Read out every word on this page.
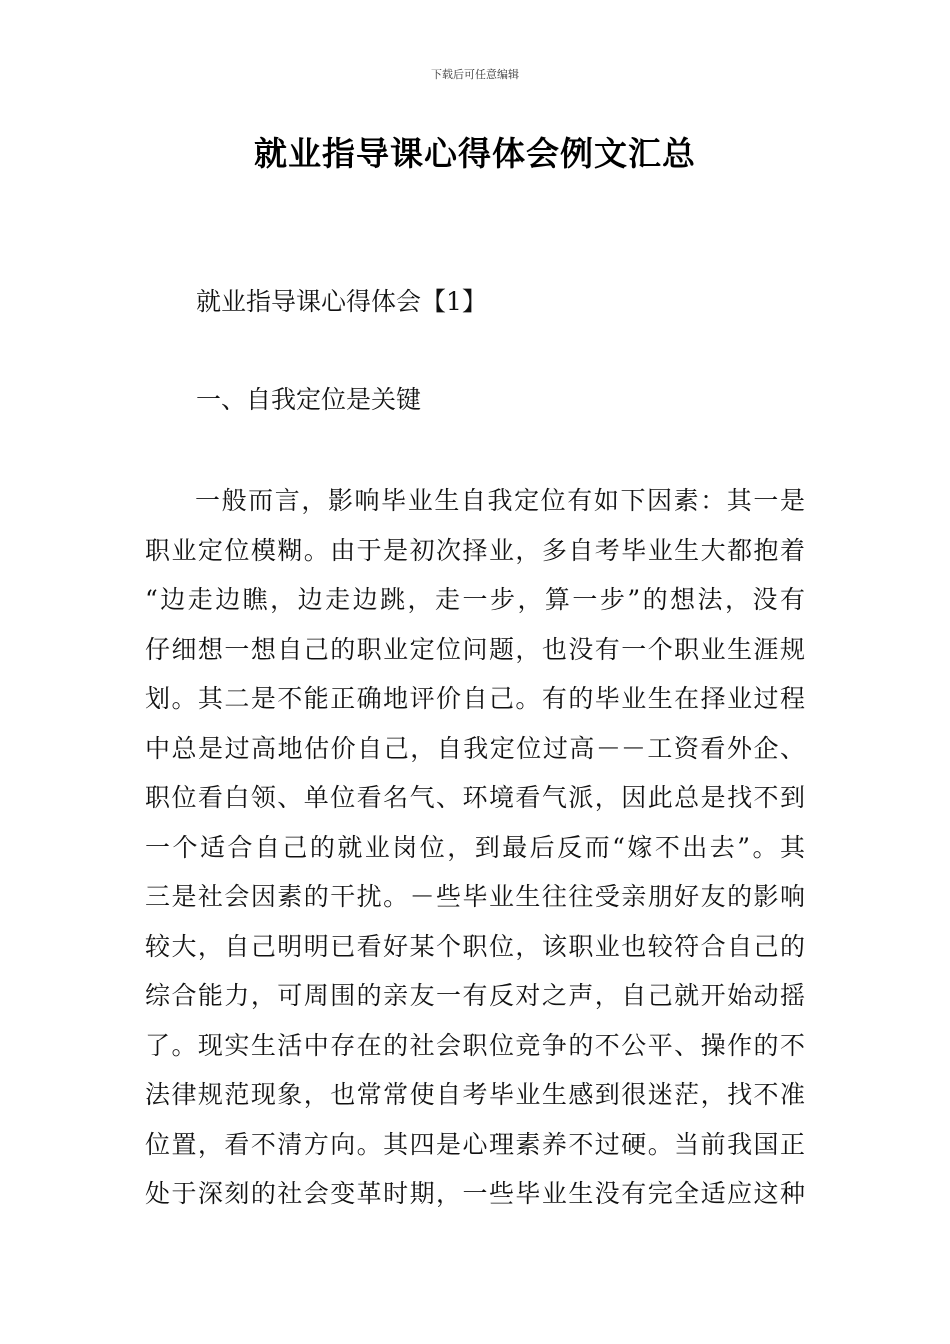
下载后可任意编辑
就业指导课心得体会例文汇总
就业指导课心得体会【1】
一、自我定位是关键
一般而言，影响毕业生自我定位有如下因素：其一是
职业定位模糊。由于是初次择业，多自考毕业生大都抱着
“边走边瞧，边走边跳，走一步，算一步”的想法，没有
仔细想一想自己的职业定位问题，也没有一个职业生涯规
划。其二是不能正确地评价自己。有的毕业生在择业过程
中总是过高地估价自己，自我定位过高－－工资看外企、
职位看白领、单位看名气、环境看气派，因此总是找不到
一个适合自己的就业岗位，到最后反而“嫁不出去”。其
三是社会因素的干扰。－些毕业生往往受亲朋好友的影响
较大，自己明明已看好某个职位，该职业也较符合自己的
综合能力，可周围的亲友一有反对之声，自己就开始动摇
了。现实生活中存在的社会职位竞争的不公平、操作的不
法律规范现象，也常常使自考毕业生感到很迷茫，找不准
位置，看不清方向。其四是心理素养不过硬。当前我国正
处于深刻的社会变革时期，一些毕业生没有完全适应这种
